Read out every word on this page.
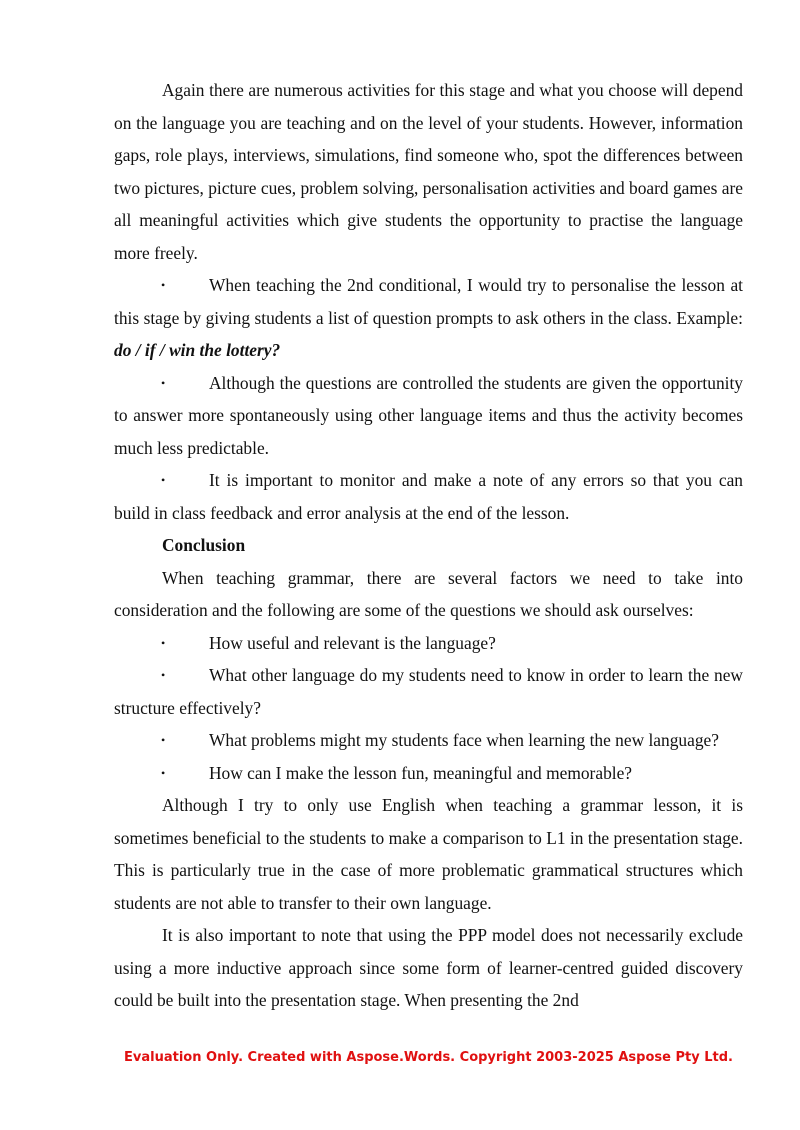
Again there are numerous activities for this stage and what you choose will depend on the language you are teaching and on the level of your students. However, information gaps, role plays, interviews, simulations, find someone who, spot the differences between two pictures, picture cues, problem solving, personalisation activities and board games are all meaningful activities which give students the opportunity to practise the language more freely.

•	When teaching the 2nd conditional, I would try to personalise the lesson at this stage by giving students a list of question prompts to ask others in the class. Example: do / if / win the lottery?

•	Although the questions are controlled the students are given the opportunity to answer more spontaneously using other language items and thus the activity becomes much less predictable.

•	It is important to monitor and make a note of any errors so that you can build in class feedback and error analysis at the end of the lesson.

Conclusion

When teaching grammar, there are several factors we need to take into consideration and the following are some of the questions we should ask ourselves:

•	How useful and relevant is the language?

•	What other language do my students need to know in order to learn the new structure effectively?

•	What problems might my students face when learning the new language?

•	How can I make the lesson fun, meaningful and memorable?

Although I try to only use English when teaching a grammar lesson, it is sometimes beneficial to the students to make a comparison to L1 in the presentation stage. This is particularly true in the case of more problematic grammatical structures which students are not able to transfer to their own language.

It is also important to note that using the PPP model does not necessarily exclude using a more inductive approach since some form of learner-centred guided discovery could be built into the presentation stage. When presenting the 2nd

Evaluation Only. Created with Aspose.Words. Copyright 2003-2025 Aspose Pty Ltd.
